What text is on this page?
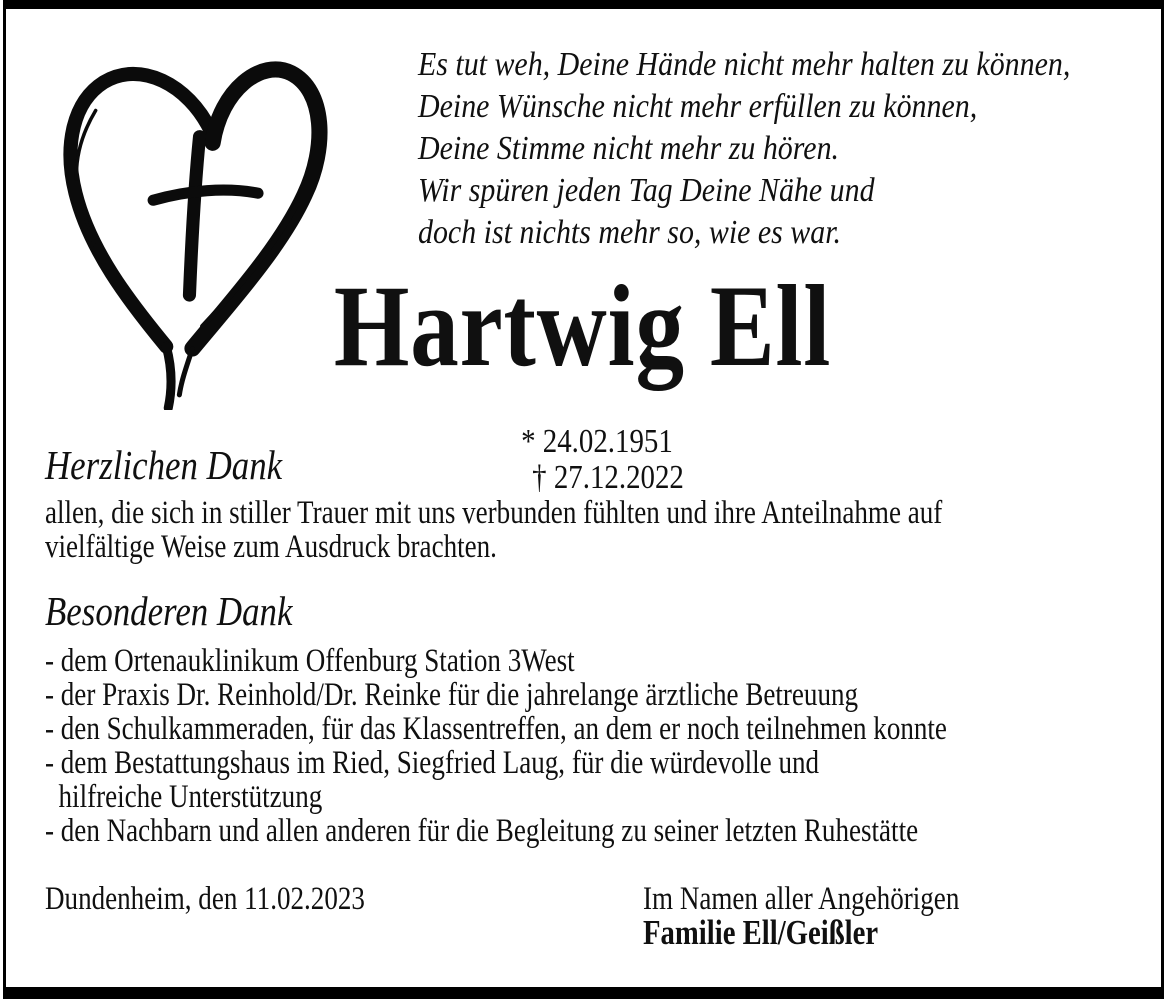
Es tut weh, Deine Hände nicht mehr halten zu können,
Deine Wünsche nicht mehr erfüllen zu können,
Deine Stimme nicht mehr zu hören.
Wir spüren jeden Tag Deine Nähe und
doch ist nichts mehr so, wie es war.
Hartwig Ell

* 24.02.1951
† 27.12.2022

Herzlichen Dank
allen, die sich in stiller Trauer mit uns verbunden fühlten und ihre Anteilnahme auf
vielfältige Weise zum Ausdruck brachten.
Besonderen Dank
- dem Ortenauklinikum Offenburg Station 3West
- der Praxis Dr. Reinhold/Dr. Reinke für die jahrelange ärztliche Betreuung
- den Schulkammeraden, für das Klassentreffen, an dem er noch teilnehmen konnte
- dem Bestattungshaus im Ried, Siegfried Laug, für die würdevolle und
hilfreiche Unterstützung
- den Nachbarn und allen anderen für die Begleitung zu seiner letzten Ruhestätte
Dundenheim, den 11.02.2023	Im Namen aller Angehörigen
Familie Ell/Geißler
